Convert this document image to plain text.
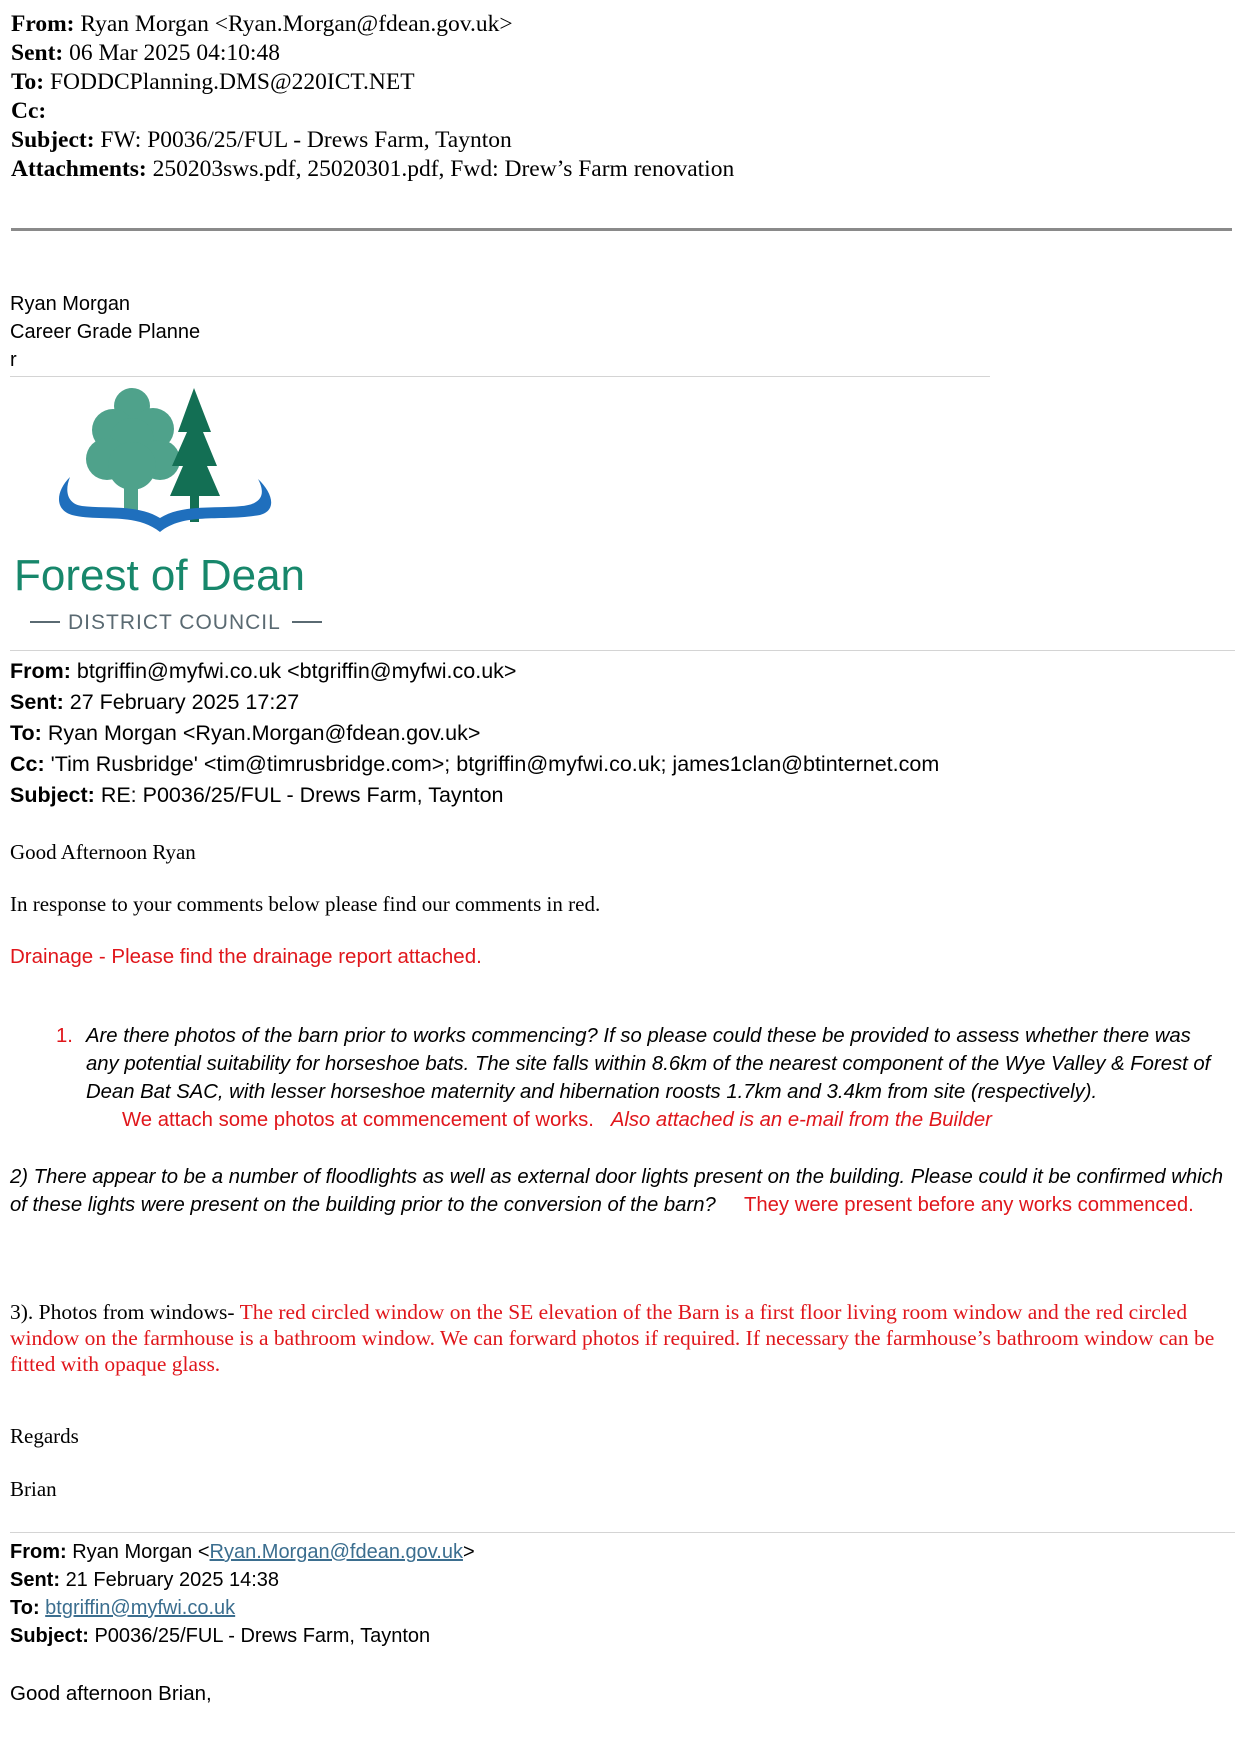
From: Ryan Morgan <Ryan.Morgan@fdean.gov.uk>
Sent: 06 Mar 2025 04:10:48
To: FODDCPlanning.DMS@220ICT.NET
Cc:
Subject: FW: P0036/25/FUL - Drews Farm, Taynton
Attachments: 250203sws.pdf, 25020301.pdf, Fwd: Drew’s Farm renovation
Ryan Morgan
Career Grade Planne
r
Forest of Dean
DISTRICT COUNCIL
From: btgriffin@myfwi.co.uk <btgriffin@myfwi.co.uk>
Sent: 27 February 2025 17:27
To: Ryan Morgan <Ryan.Morgan@fdean.gov.uk>
Cc: 'Tim Rusbridge' <tim@timrusbridge.com>; btgriffin@myfwi.co.uk; james1clan@btinternet.com
Subject: RE: P0036/25/FUL - Drews Farm, Taynton
Good Afternoon Ryan
In response to your comments below please find our comments in red.
Drainage - Please find the drainage report attached.
1. Are there photos of the barn prior to works commencing? If so please could these be provided to assess whether there was any potential suitability for horseshoe bats. The site falls within 8.6km of the nearest component of the Wye Valley & Forest of Dean Bat SAC, with lesser horseshoe maternity and hibernation roosts 1.7km and 3.4km from site (respectively).
We attach some photos at commencement of works. Also attached is an e-mail from the Builder
2) There appear to be a number of floodlights as well as external door lights present on the building. Please could it be confirmed which of these lights were present on the building prior to the conversion of the barn? They were present before any works commenced.
3). Photos from windows- The red circled window on the SE elevation of the Barn is a first floor living room window and the red circled window on the farmhouse is a bathroom window. We can forward photos if required. If necessary the farmhouse’s bathroom window can be fitted with opaque glass.
Regards
Brian
From: Ryan Morgan <Ryan.Morgan@fdean.gov.uk>
Sent: 21 February 2025 14:38
To: btgriffin@myfwi.co.uk
Subject: P0036/25/FUL - Drews Farm, Taynton
Good afternoon Brian,
